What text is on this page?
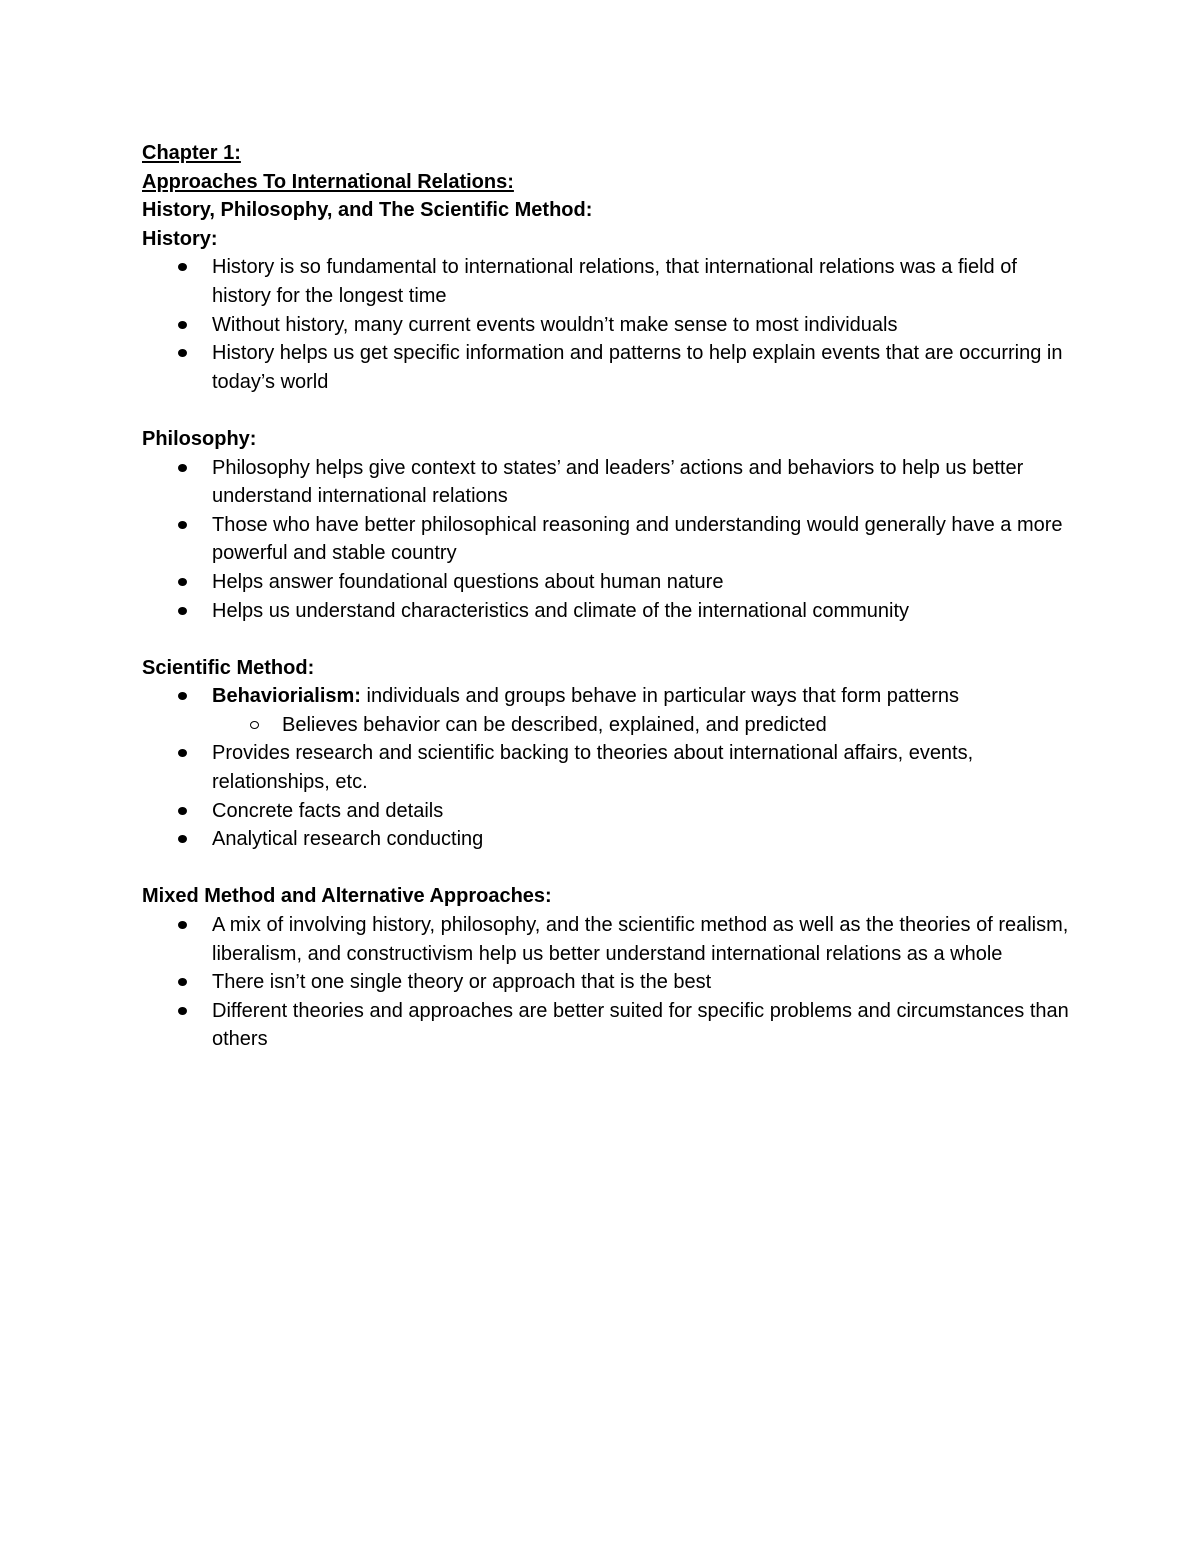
Chapter 1:

Approaches To International Relations:

History, Philosophy, and The Scientific Method:

History:

History is so fundamental to international relations, that international relations was a field of history for the longest time
Without history, many current events wouldn’t make sense to most individuals
History helps us get specific information and patterns to help explain events that are occurring in today’s world

Philosophy:

Philosophy helps give context to states’ and leaders’ actions and behaviors to help us better understand international relations
Those who have better philosophical reasoning and understanding would generally have a more powerful and stable country
Helps answer foundational questions about human nature
Helps us understand characteristics and climate of the international community

Scientific Method:

Behaviorialism: individuals and groups behave in particular ways that form patterns
Believes behavior can be described, explained, and predicted
Provides research and scientific backing to theories about international affairs, events, relationships, etc.
Concrete facts and details
Analytical research conducting

Mixed Method and Alternative Approaches:

A mix of involving history, philosophy, and the scientific method as well as the theories of realism, liberalism, and constructivism help us better understand international relations as a whole
There isn’t one single theory or approach that is the best
Different theories and approaches are better suited for specific problems and circumstances than others
